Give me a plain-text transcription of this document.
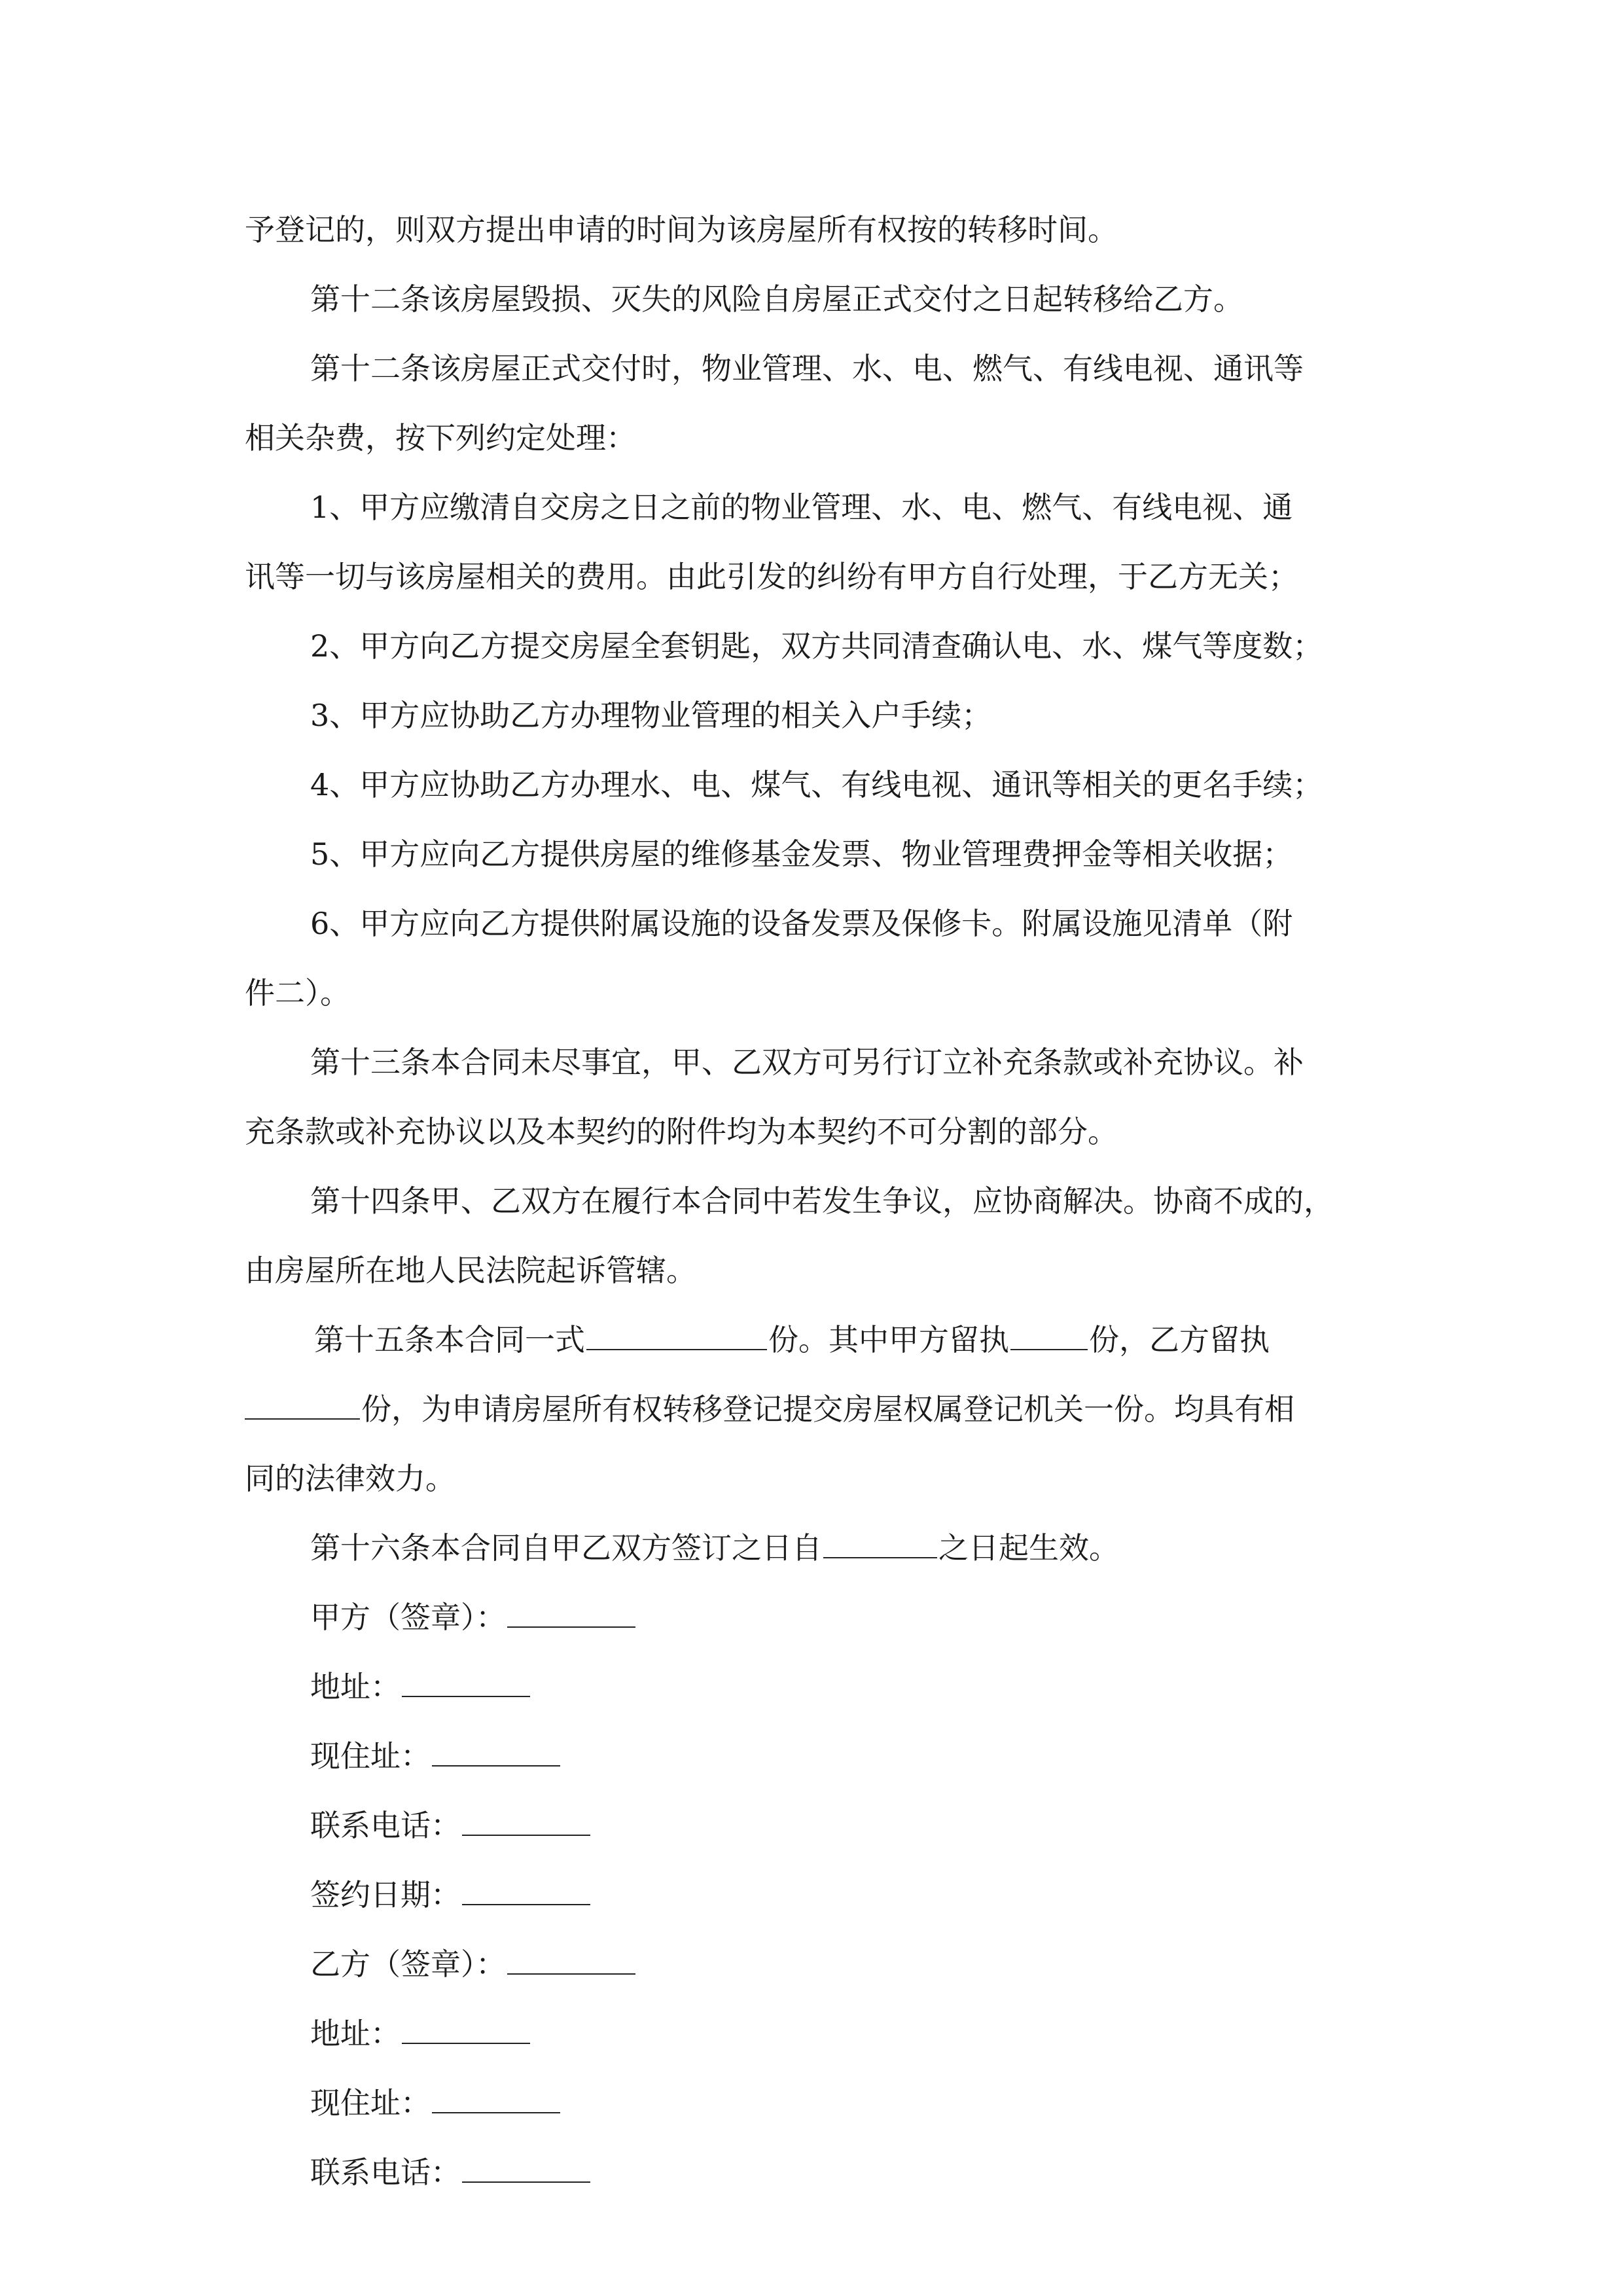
予登记的，则双方提出申请的时间为该房屋所有权按的转移时间。
第十二条该房屋毁损、灭失的风险自房屋正式交付之日起转移给乙方。
第十二条该房屋正式交付时，物业管理、水、电、燃气、有线电视、通讯等
相关杂费，按下列约定处理：
1、甲方应缴清自交房之日之前的物业管理、水、电、燃气、有线电视、通
讯等一切与该房屋相关的费用。由此引发的纠纷有甲方自行处理，于乙方无关；
2、甲方向乙方提交房屋全套钥匙，双方共同清查确认电、水、煤气等度数；
3、甲方应协助乙方办理物业管理的相关入户手续；
4、甲方应协助乙方办理水、电、煤气、有线电视、通讯等相关的更名手续；
5、甲方应向乙方提供房屋的维修基金发票、物业管理费押金等相关收据；
6、甲方应向乙方提供附属设施的设备发票及保修卡。附属设施见清单（附
件二）。
第十三条本合同未尽事宜，甲、乙双方可另行订立补充条款或补充协议。补
充条款或补充协议以及本契约的附件均为本契约不可分割的部分。
第十四条甲、乙双方在履行本合同中若发生争议，应协商解决。协商不成的，
由房屋所在地人民法院起诉管辖。
第十五条本合同一式	份。其中甲方留执	份，乙方留执
份，为申请房屋所有权转移登记提交房屋权属登记机关一份。均具有相
同的法律效力。
第十六条本合同自甲乙双方签订之日自	之日起生效。
甲方（签章）：
地址：
现住址：
联系电话：
签约日期：
乙方（签章）：
地址：
现住址：
联系电话：
